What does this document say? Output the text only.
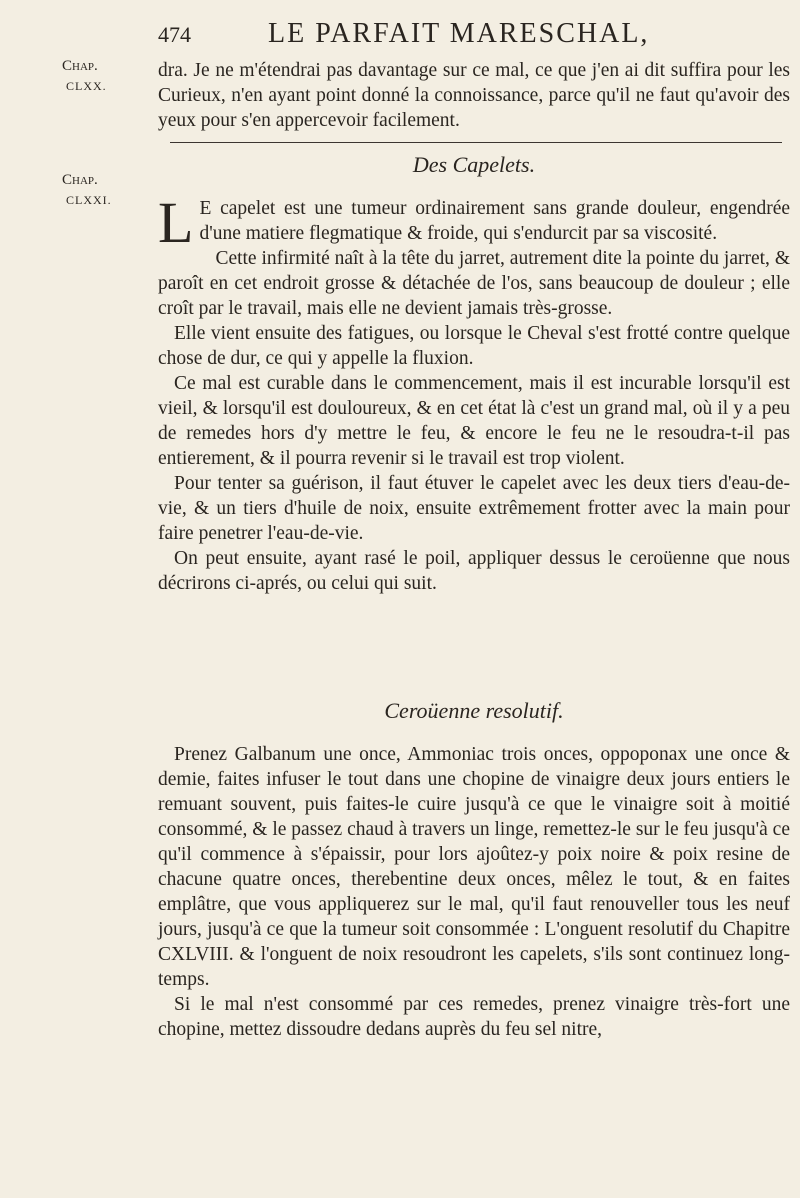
474	LE PARFAIT MARESCHAL,
Chap.
CLXX.
Chap.
CLXXI.

dra. Je ne m'étendrai pas davantage sur ce mal, ce que j'en ai dit suffira pour les Curieux, n'en ayant point donné la connoissance, parce qu'il ne faut qu'avoir des yeux pour s'en appercevoir facilement.

Des Capelets.

L E capelet est une tumeur ordinairement sans grande douleur, engendrée d'une matiere flegmatique & froide, qui s'endurcit par sa viscosité.

Cette infirmité naît à la tête du jarret, autrement dite la pointe du jarret, & paroît en cet endroit grosse & détachée de l'os, sans beaucoup de douleur ; elle croît par le travail, mais elle ne devient jamais très-grosse.

Elle vient ensuite des fatigues, ou lorsque le Cheval s'est frotté contre quelque chose de dur, ce qui y appelle la fluxion.

Ce mal est curable dans le commencement, mais il est incurable lorsqu'il est vieil, & lorsqu'il est douloureux, & en cet état là c'est un grand mal, où il y a peu de remedes hors d'y mettre le feu, & encore le feu ne le resoudra-t-il pas entierement, & il pourra revenir si le travail est trop violent.

Pour tenter sa guérison, il faut étuver le capelet avec les deux tiers d'eau-de-vie, & un tiers d'huile de noix, ensuite extrêmement frotter avec la main pour faire penetrer l'eau-de-vie.

On peut ensuite, ayant rasé le poil, appliquer dessus le ceroüenne que nous décrirons ci-aprés, ou celui qui suit.

Ceroüenne resolutif.

Prenez Galbanum une once, Ammoniac trois onces, oppoponax une once & demie, faites infuser le tout dans une chopine de vinaigre deux jours entiers le remuant souvent, puis faites-le cuire jusqu'à ce que le vinaigre soit à moitié consommé, & le passez chaud à travers un linge, remettez-le sur le feu jusqu'à ce qu'il commence à s'épaissir, pour lors ajoûtez-y poix noire & poix resine de chacune quatre onces, therebentine deux onces, mêlez le tout, & en faites emplâtre, que vous appliquerez sur le mal, qu'il faut renouveller tous les neuf jours, jusqu'à ce que la tumeur soit consommée : L'onguent resolutif du Chapitre CXLVIII. & l'onguent de noix resoudront les capelets, s'ils sont continuez long-temps.

Si le mal n'est consommé par ces remedes, prenez vinaigre très-fort une chopine, mettez dissoudre dedans auprès du feu sel nitre,
